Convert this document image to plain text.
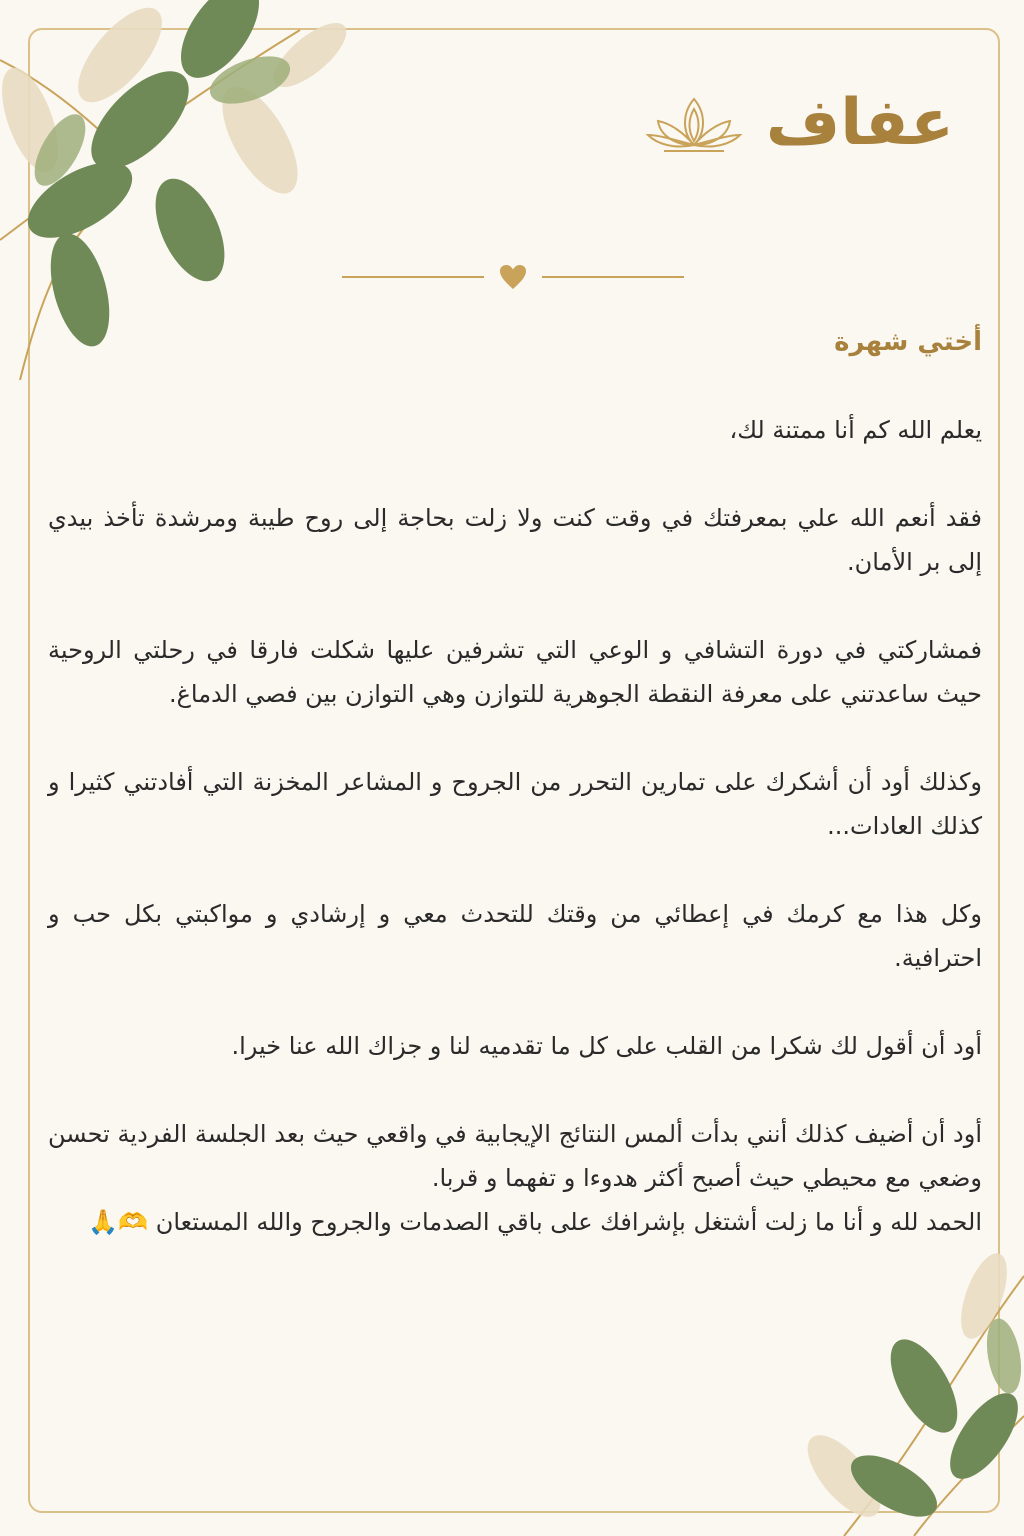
عفاف
أختي شهرة
يعلم الله كم أنا ممتنة لك،
فقد أنعم الله علي بمعرفتك في وقت كنت ولا زلت بحاجة إلى روح طيبة ومرشدة تأخذ بيدي إلى بر الأمان.
فمشاركتي في دورة التشافي و الوعي التي تشرفين عليها شكلت فارقا في رحلتي الروحية حيث ساعدتني على معرفة النقطة الجوهرية للتوازن وهي التوازن بين فصي الدماغ.
وكذلك أود أن أشكرك على تمارين التحرر من الجروح و المشاعر المخزنة التي أفادتني كثيرا و كذلك العادات...
وكل هذا مع كرمك في إعطائي من وقتك للتحدث معي و إرشادي و مواكبتي بكل حب و احترافية.
أود أن أقول لك شكرا من القلب على كل ما تقدميه لنا و جزاك الله عنا خيرا.
أود أن أضيف كذلك أنني بدأت ألمس النتائج الإيجابية في واقعي حيث بعد الجلسة الفردية تحسن وضعي مع محيطي حيث أصبح أكثر هدوءا و تفهما و قربا.
الحمد لله و أنا ما زلت أشتغل بإشرافك على باقي الصدمات والجروح والله المستعان 🫶🙏
